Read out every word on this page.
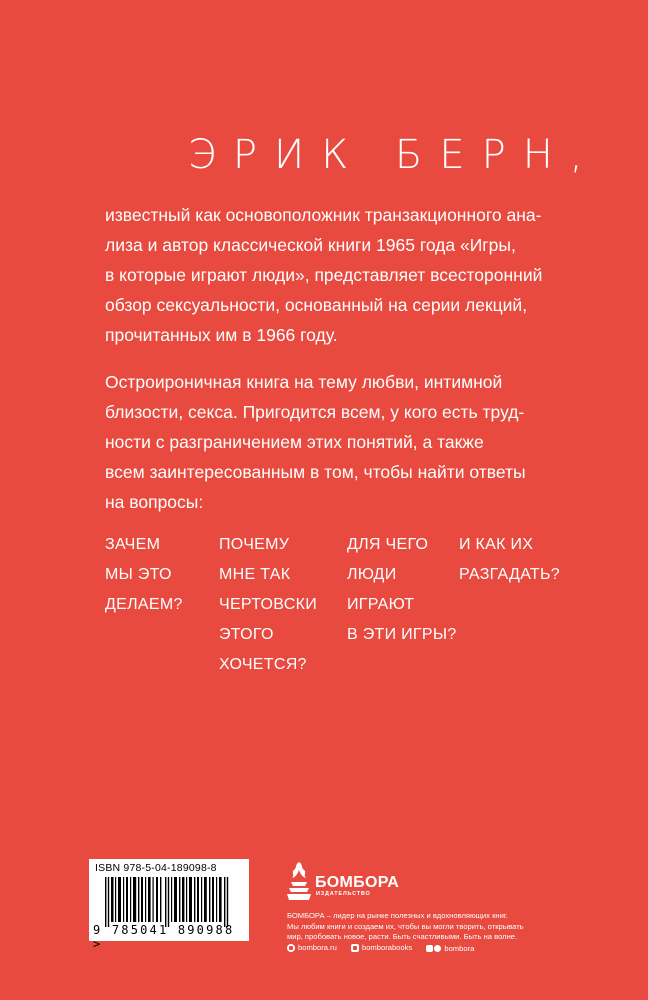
ЭРИК БЕРН,
известный как основоположник транзакционного ана-
лиза и автор классической книги 1965 года «Игры,
в которые играют люди», представляет всесторонний
обзор сексуальности, основанный на серии лекций,
прочитанных им в 1966 году.
Остроироничная книга на тему любви, интимной
близости, секса. Пригодится всем, у кого есть труд-
ности с разграничением этих понятий, а также
всем заинтересованным в том, чтобы найти ответы
на вопросы:
ЗАЧЕМ
МЫ ЭТО
ДЕЛАЕМ?
ПОЧЕМУ
МНЕ ТАК
ЧЕРТОВСКИ
ЭТОГО
ХОЧЕТСЯ?
ДЛЯ ЧЕГО
ЛЮДИ
ИГРАЮТ
В ЭТИ ИГРЫ?
И КАК ИХ
РАЗГАДАТЬ?
ISBN 978-5-04-189098-8
9 785041 890988 >
БОМБОРА
ИЗДАТЕЛЬСТВО
БОМБОРА – лидер на рынке полезных и вдохновляющих книг.
Мы любим книги и создаем их, чтобы вы могли творить, открывать
мир, пробовать новое, расти. Быть счастливыми. Быть на волне.
bombora.ru
	bomborabooks
	bombora
